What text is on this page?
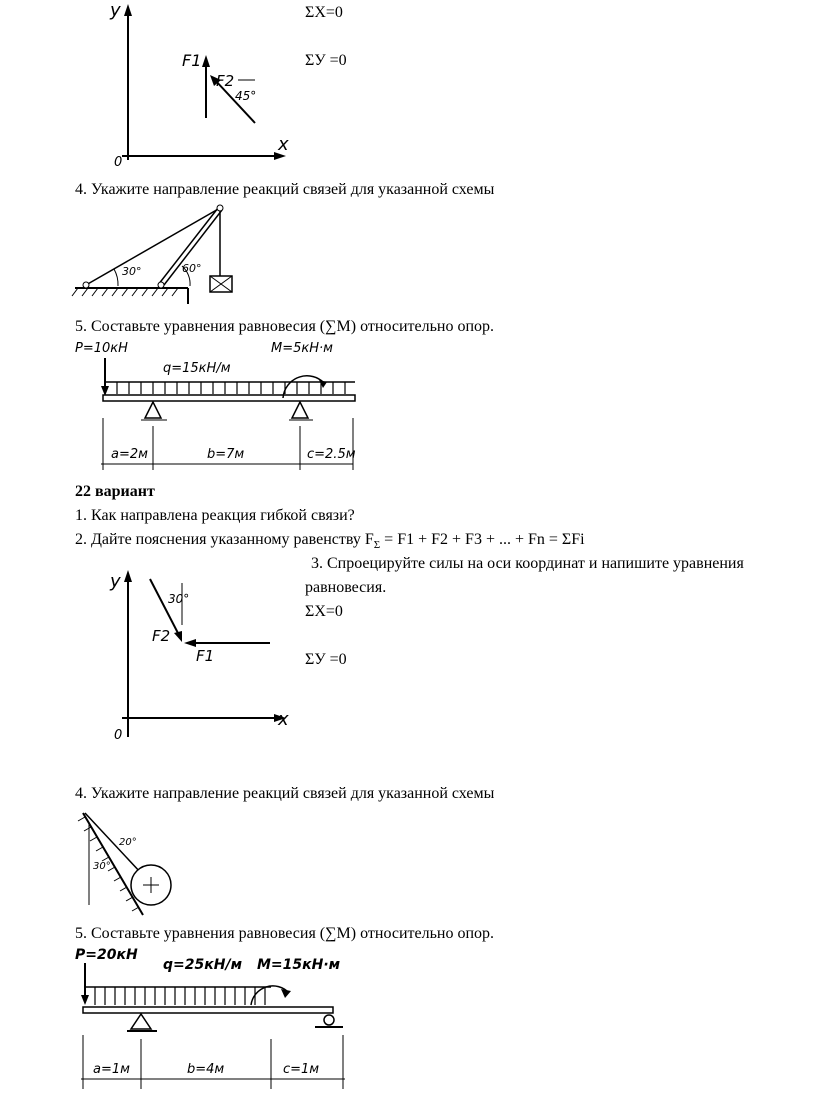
y
x
0
F1
F2
45°
ΣX=0
ΣУ =0
4. Укажите направление реакций связей для указанной схемы
30°	60°
5. Составьте уравнения равновесия (∑М) относительно опор.
P=10кН
q=15кН/м
M=5кН·м
a=2м	b=7м	c=2.5м
22 вариант
1. Как направлена реакция гибкой связи?
2. Дайте пояснения указанному равенству $F_\Sigma = F1 + F2 + F3$ + ... + Fn = ΣFi
y
x
0
30°
F2
F1
3. Спроецируйте силы на оси координат и напишите уравнения
равновесия.
ΣX=0
ΣУ =0
4. Укажите направление реакций связей для указанной схемы
20°
30°
5. Составьте уравнения равновесия (∑М) относительно опор.
P=20кН
q=25кН/м M=15кН·м
a=1м	b=4м	c=1м
